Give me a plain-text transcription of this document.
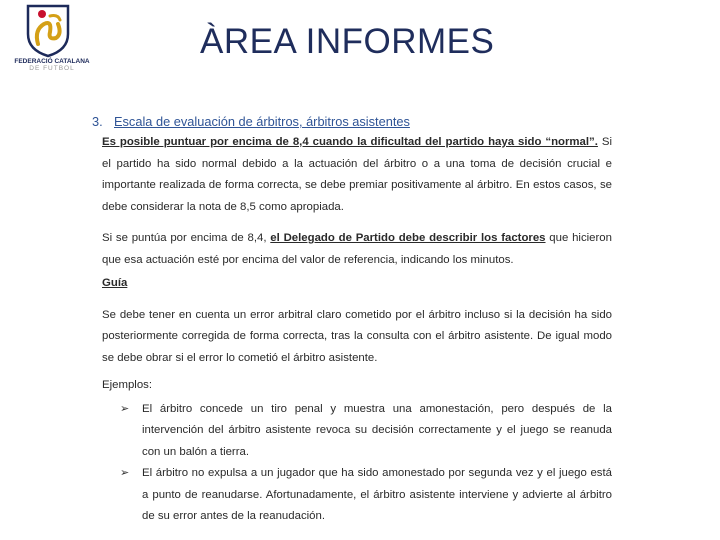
FEDERACIÓ CATALANA
DE FUTBOL
ÀREA INFORMES

3. Escala de evaluación de árbitros, árbitros asistentes

Es posible puntuar por encima de 8,4 cuando la dificultad del partido haya sido “normal”. Si el partido ha sido normal debido a la actuación del árbitro o a una toma de decisión crucial e importante realizada de forma correcta, se debe premiar positivamente al árbitro. En estos casos, se debe considerar la nota de 8,5 como apropiada.

Si se puntúa por encima de 8,4, el Delegado de Partido debe describir los factores que hicieron que esa actuación esté por encima del valor de referencia, indicando los minutos.

Guía

Se debe tener en cuenta un error arbitral claro cometido por el árbitro incluso si la decisión ha sido posteriormente corregida de forma correcta, tras la consulta con el árbitro asistente. De igual modo se debe obrar si el error lo cometió el árbitro asistente.

Ejemplos:

➢ El árbitro concede un tiro penal y muestra una amonestación, pero después de la intervención del árbitro asistente revoca su decisión correctamente y el juego se reanuda con un balón a tierra.
➢ El árbitro no expulsa a un jugador que ha sido amonestado por segunda vez y el juego está a punto de reanudarse. Afortunadamente, el árbitro asistente interviene y advierte al árbitro de su error antes de la reanudación.
